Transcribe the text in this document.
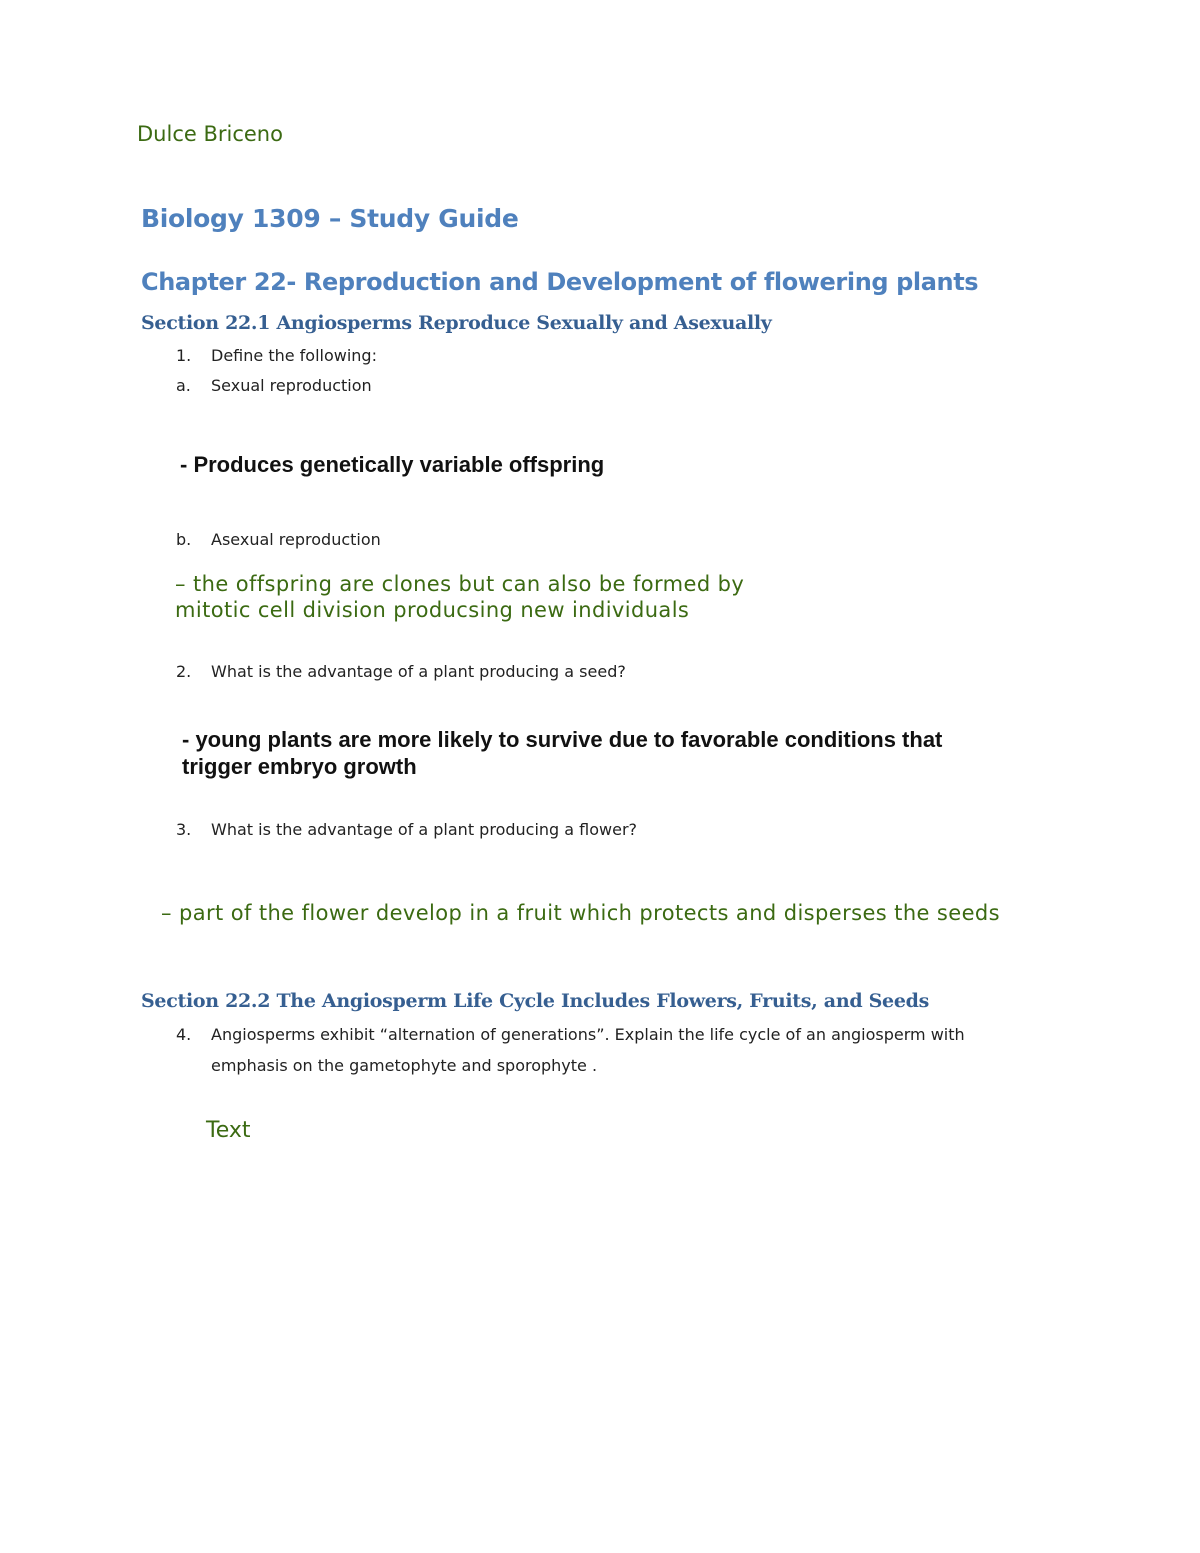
Dulce Briceno

Biology 1309 – Study Guide
Chapter 22- Reproduction and Development of flowering plants
Section 22.1 Angiosperms Reproduce Sexually and Asexually
1. Define the following:
a. Sexual reproduction

- Produces genetically variable offspring

b. Asexual reproduction

– the offspring are clones but can also be formed by

mitotic cell division producsing new individuals

2. What is the advantage of a plant producing a seed?

- young plants are more likely to survive due to favorable conditions that

trigger embryo growth

3. What is the advantage of a plant producing a flower?

– part of the flower develop in a fruit which protects and disperses the seeds

Section 22.2 The Angiosperm Life Cycle Includes Flowers, Fruits, and Seeds
4. Angiosperms exhibit “alternation of generations”. Explain the life cycle of an angiosperm with
emphasis on the gametophyte and sporophyte .

Text
